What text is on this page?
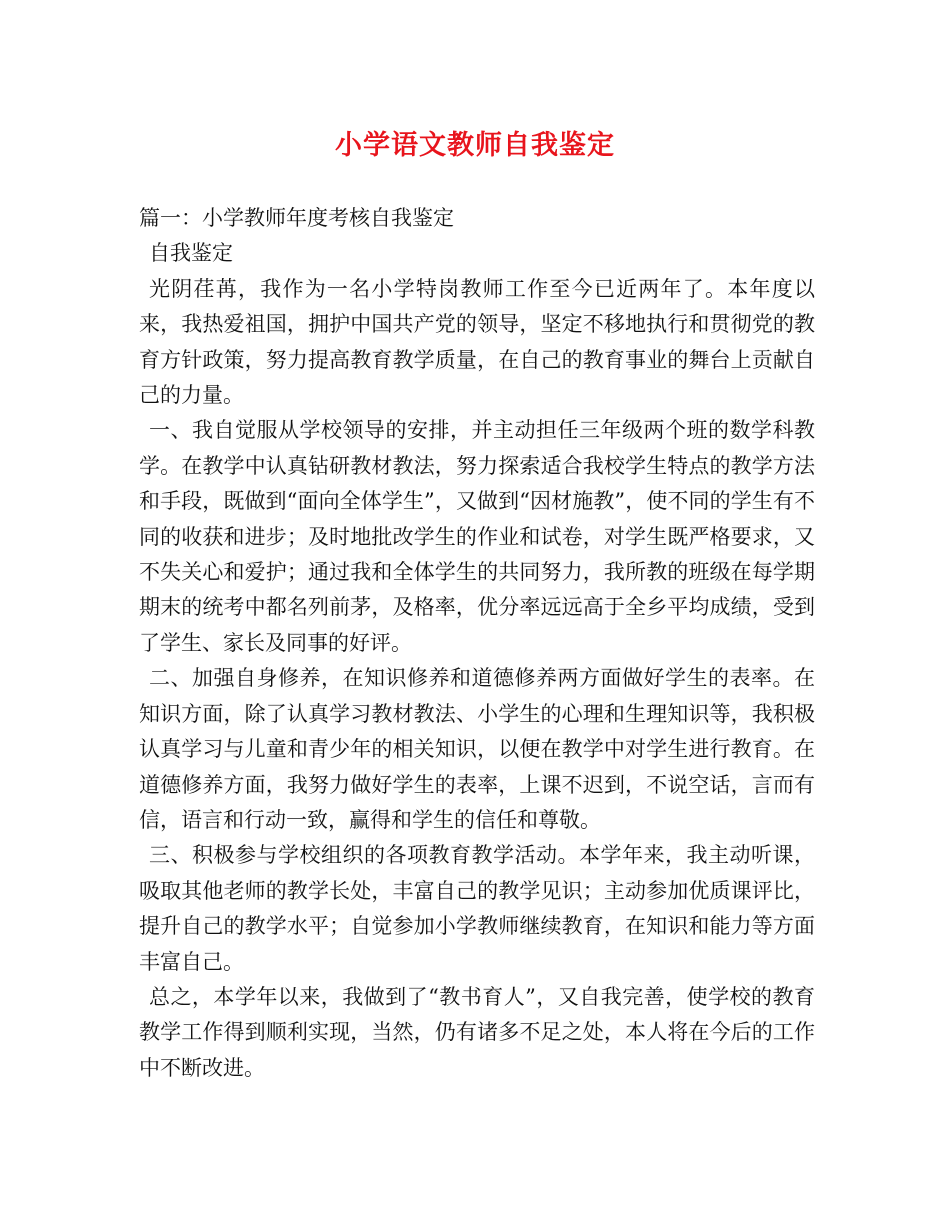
小学语文教师自我鉴定

篇一：小学教师年度考核自我鉴定

自我鉴定

光阴荏苒，我作为一名小学特岗教师工作至今已近两年了。本年度以来，我热爱祖国，拥护中国共产党的领导，坚定不移地执行和贯彻党的教育方针政策，努力提高教育教学质量，在自己的教育事业的舞台上贡献自己的力量。

一、我自觉服从学校领导的安排，并主动担任三年级两个班的数学科教学。在教学中认真钻研教材教法，努力探索适合我校学生特点的教学方法和手段，既做到“面向全体学生”，又做到“因材施教”，使不同的学生有不同的收获和进步；及时地批改学生的作业和试卷，对学生既严格要求，又不失关心和爱护；通过我和全体学生的共同努力，我所教的班级在每学期期末的统考中都名列前茅，及格率，优分率远远高于全乡平均成绩，受到了学生、家长及同事的好评。

二、加强自身修养，在知识修养和道德修养两方面做好学生的表率。在知识方面，除了认真学习教材教法、小学生的心理和生理知识等，我积极认真学习与儿童和青少年的相关知识，以便在教学中对学生进行教育。在道德修养方面，我努力做好学生的表率，上课不迟到，不说空话，言而有信，语言和行动一致，赢得和学生的信任和尊敬。

三、积极参与学校组织的各项教育教学活动。本学年来，我主动听课，吸取其他老师的教学长处，丰富自己的教学见识；主动参加优质课评比，提升自己的教学水平；自觉参加小学教师继续教育，在知识和能力等方面丰富自己。

总之，本学年以来，我做到了“教书育人”，又自我完善，使学校的教育教学工作得到顺利实现，当然，仍有诸多不足之处，本人将在今后的工作中不断改进。
